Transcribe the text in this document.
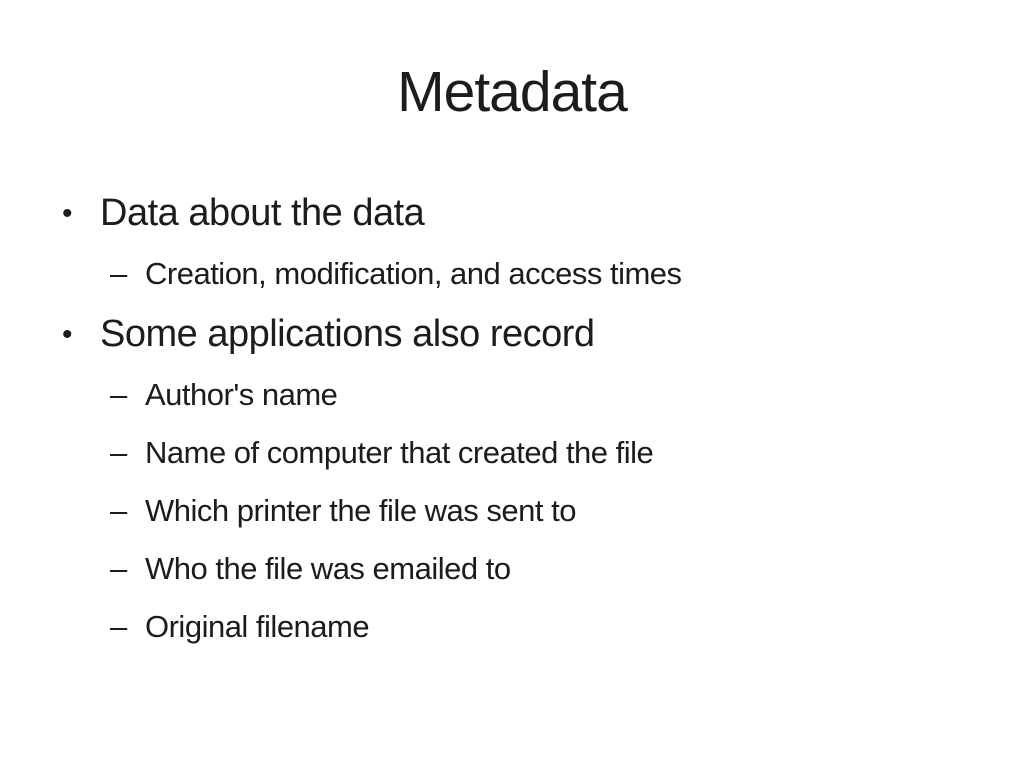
Metadata
• Data about the data
– Creation, modification, and access times
• Some applications also record
– Author's name
– Name of computer that created the file
– Which printer the file was sent to
– Who the file was emailed to
– Original filename
